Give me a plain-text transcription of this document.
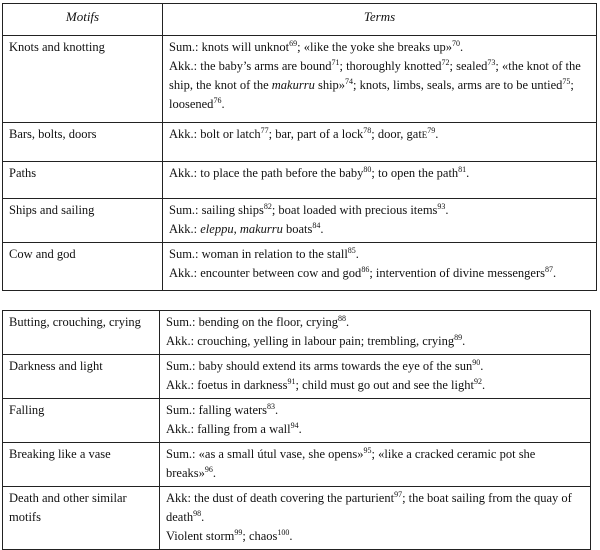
Motifs	Terms
Knots and knotting	Sum.: knots will unknot$^{69}$; «like the yoke she breaks up»$^{70}$.
Akk.: the baby’s arms are bound$^{71}$; thoroughly knotted$^{72}$; sealed$^{73}$; «the knot of the ship, the knot of the makurru ship»$^{74}$; knots, limbs, seals, arms are to be untied$^{75}$; loosened$^{76}$.

Bars, bolts, doors	Akk.: bolt or latch$^{77}$; bar, part of a lock$^{78}$; door, gate$^{79}$.

Paths	Akk.: to place the path before the baby$^{80}$; to open the path$^{81}$.

Ships and sailing	Sum.: sailing ships$^{82}$; boat loaded with precious items$^{93}$.
Akk.: eleppu, makurru boats$^{84}$.

Cow and god	Sum.: woman in relation to the stall$^{85}$.
Akk.: encounter between cow and god$^{86}$; intervention of divine messengers$^{87}$.
Butting, crouching, crying	Sum.: bending on the floor, crying$^{88}$.
Akk.: crouching, yelling in labour pain; trembling, crying$^{89}$.

Darkness and light	Sum.: baby should extend its arms towards the eye of the sun$^{90}$.
Akk.: foetus in darkness$^{91}$; child must go out and see the light$^{92}$.

Falling	Sum.: falling waters$^{83}$.
Akk.: falling from a wall$^{94}$.

Breaking like a vase	Sum.: «as a small útul vase, she opens»$^{95}$; «like a cracked ceramic pot she breaks»$^{96}$.

Death and other similar motifs	Akk: the dust of death covering the parturient$^{97}$; the boat sailing from the quay of death$^{98}$.
Violent storm$^{99}$; chaos$^{100}$.
